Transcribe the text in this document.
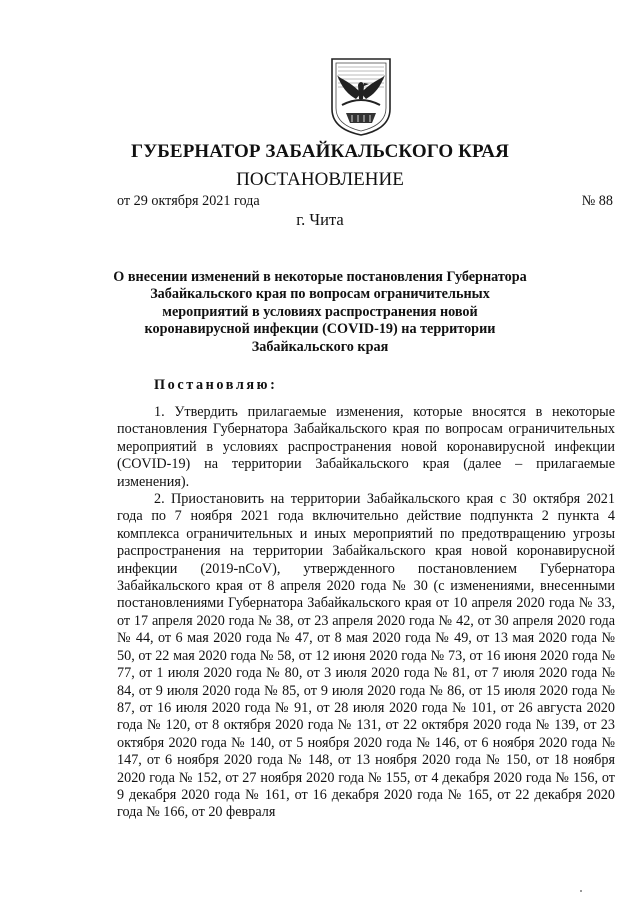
ГУБЕРНАТОР ЗАБАЙКАЛЬСКОГО КРАЯ
ПОСТАНОВЛЕНИЕ
от 29 октября 2021 года	№ 88
г. Чита
О внесении изменений в некоторые постановления Губернатора Забайкальского края по вопросам ограничительных мероприятий в условиях распространения новой коронавирусной инфекции (COVID-19) на территории Забайкальского края
Постановляю:

1. Утвердить прилагаемые изменения, которые вносятся в некоторые постановления Губернатора Забайкальского края по вопросам ограничительных мероприятий в условиях распространения новой коронавирусной инфекции (COVID-19) на территории Забайкальского края (далее – прилагаемые изменения).

2. Приостановить на территории Забайкальского края с 30 октября 2021 года по 7 ноября 2021 года включительно действие подпункта 2 пункта 4 комплекса ограничительных и иных мероприятий по предотвращению угрозы распространения на территории Забайкальского края новой коронавирусной инфекции (2019-nCoV), утвержденного постановлением Губернатора Забайкальского края от 8 апреля 2020 года № 30 (с изменениями, внесенными постановлениями Губернатора Забайкальского края от 10 апреля 2020 года № 33, от 17 апреля 2020 года № 38, от 23 апреля 2020 года № 42, от 30 апреля 2020 года № 44, от 6 мая 2020 года № 47, от 8 мая 2020 года № 49, от 13 мая 2020 года № 50, от 22 мая 2020 года № 58, от 12 июня 2020 года № 73, от 16 июня 2020 года № 77, от 1 июля 2020 года № 80, от 3 июля 2020 года № 81, от 7 июля 2020 года № 84, от 9 июля 2020 года № 85, от 9 июля 2020 года № 86, от 15 июля 2020 года № 87, от 16 июля 2020 года № 91, от 28 июля 2020 года № 101, от 26 августа 2020 года № 120, от 8 октября 2020 года № 131, от 22 октября 2020 года № 139, от 23 октября 2020 года № 140, от 5 ноября 2020 года № 146, от 6 ноября 2020 года № 147, от 6 ноября 2020 года № 148, от 13 ноября 2020 года № 150, от 18 ноября 2020 года № 152, от 27 ноября 2020 года № 155, от 4 декабря 2020 года № 156, от 9 декабря 2020 года № 161, от 16 декабря 2020 года № 165, от 22 декабря 2020 года № 166, от 20 февраля
